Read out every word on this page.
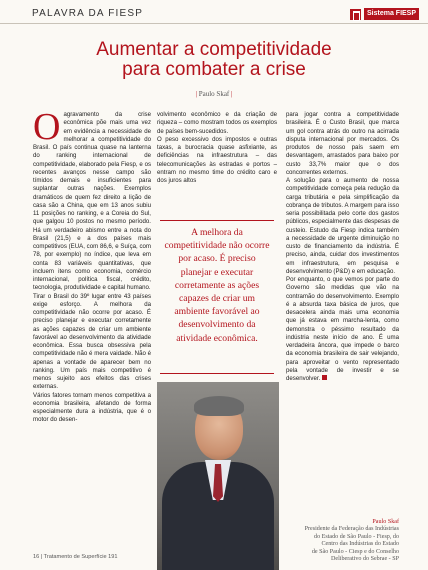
PALAVRA DA FIESP	Sistema FIESP
Aumentar a competitividade
para combater a crise
| Paulo Skaf |
O agravamento da crise econômica põe mais uma vez em evidência a necessidade de melhorar a competitividade do Brasil. O país continua quase na lanterna do ranking internacional de competitividade, elaborado pela Fiesp, e os recentes avanços nesse campo são tímidos demais e insuficientes para suplantar outras nações. Exemplos dramáticos de quem fez direito a lição de casa são a China, que em 13 anos subiu 11 posições no ranking, e a Coreia do Sul, que galgou 10 postos no mesmo período. Há um verdadeiro abismo entre a nota do Brasil (21,5) e a dos países mais competitivos (EUA, com 86,6, e Suíça, com 78, por exemplo) no índice, que leva em conta 83 variáveis quantitativas, que incluem itens como economia, comércio internacional, política fiscal, crédito, tecnologia, produtividade e capital humano.

Tirar o Brasil do 39º lugar entre 43 países exige esforço. A melhora da competitividade não ocorre por acaso. É preciso planejar e executar corretamente as ações capazes de criar um ambiente favorável ao desenvolvimento da atividade econômica. Essa busca obsessiva pela competitividade não é mera vaidade. Não é apenas a vontade de aparecer bem no ranking. Um país mais competitivo é menos sujeito aos efeitos das crises externas.

Vários fatores tornam menos competitiva a economia brasileira, afetando de forma especialmente dura a indústria, que é o motor do desen-

volvimento econômico e da criação de riqueza – como mostram todos os exemplos de países bem-sucedidos.

O peso excessivo dos impostos e outras taxas, a burocracia quase asfixiante, as deficiências na infraestrutura – das telecomunicações às estradas e portos – entram no mesmo time do crédito caro e dos juros altos

A melhora da competitividade não ocorre por acaso. É preciso planejar e executar corretamente as ações capazes de criar um ambiente favorável ao desenvolvimento da atividade econômica.

para jogar contra a competitividade brasileira. É o Custo Brasil, que marca um gol contra atrás do outro na acirrada disputa internacional por mercados. Os produtos de nosso país saem em desvantagem, arrastados para baixo por custo 33,7% maior que o dos concorrentes externos.

A solução para o aumento de nossa competitividade começa pela redução da carga tributária e pela simplificação da cobrança de tributos. A margem para isso seria possibilitada pelo corte dos gastos públicos, especialmente das despesas de custeio. Estudo da Fiesp indica também a necessidade de urgente diminuição no custo de financiamento da indústria. É preciso, ainda, cuidar dos investimentos em infraestrutura, em pesquisa e desenvolvimento (P&D) e em educação.

Por enquanto, o que vemos por parte do Governo são medidas que vão na contramão do desenvolvimento. Exemplo é a absurda taxa básica de juros, que desacelera ainda mais uma economia que já estava em marcha-lenta, como demonstra o péssimo resultado da indústria neste início de ano. É uma verdadeira âncora, que impede o barco da economia brasileira de sair velejando, para aproveitar o vento representado pela vontade de investir e se desenvolver.

Paulo Skaf
Presidente da Federação das Indústrias
do Estado de São Paulo - Fiesp, do
Centro das Indústrias do Estado
de São Paulo - Ciesp e do Conselho
Deliberativo do Sebrae - SP
16 | Tratamento de Superfície 191
